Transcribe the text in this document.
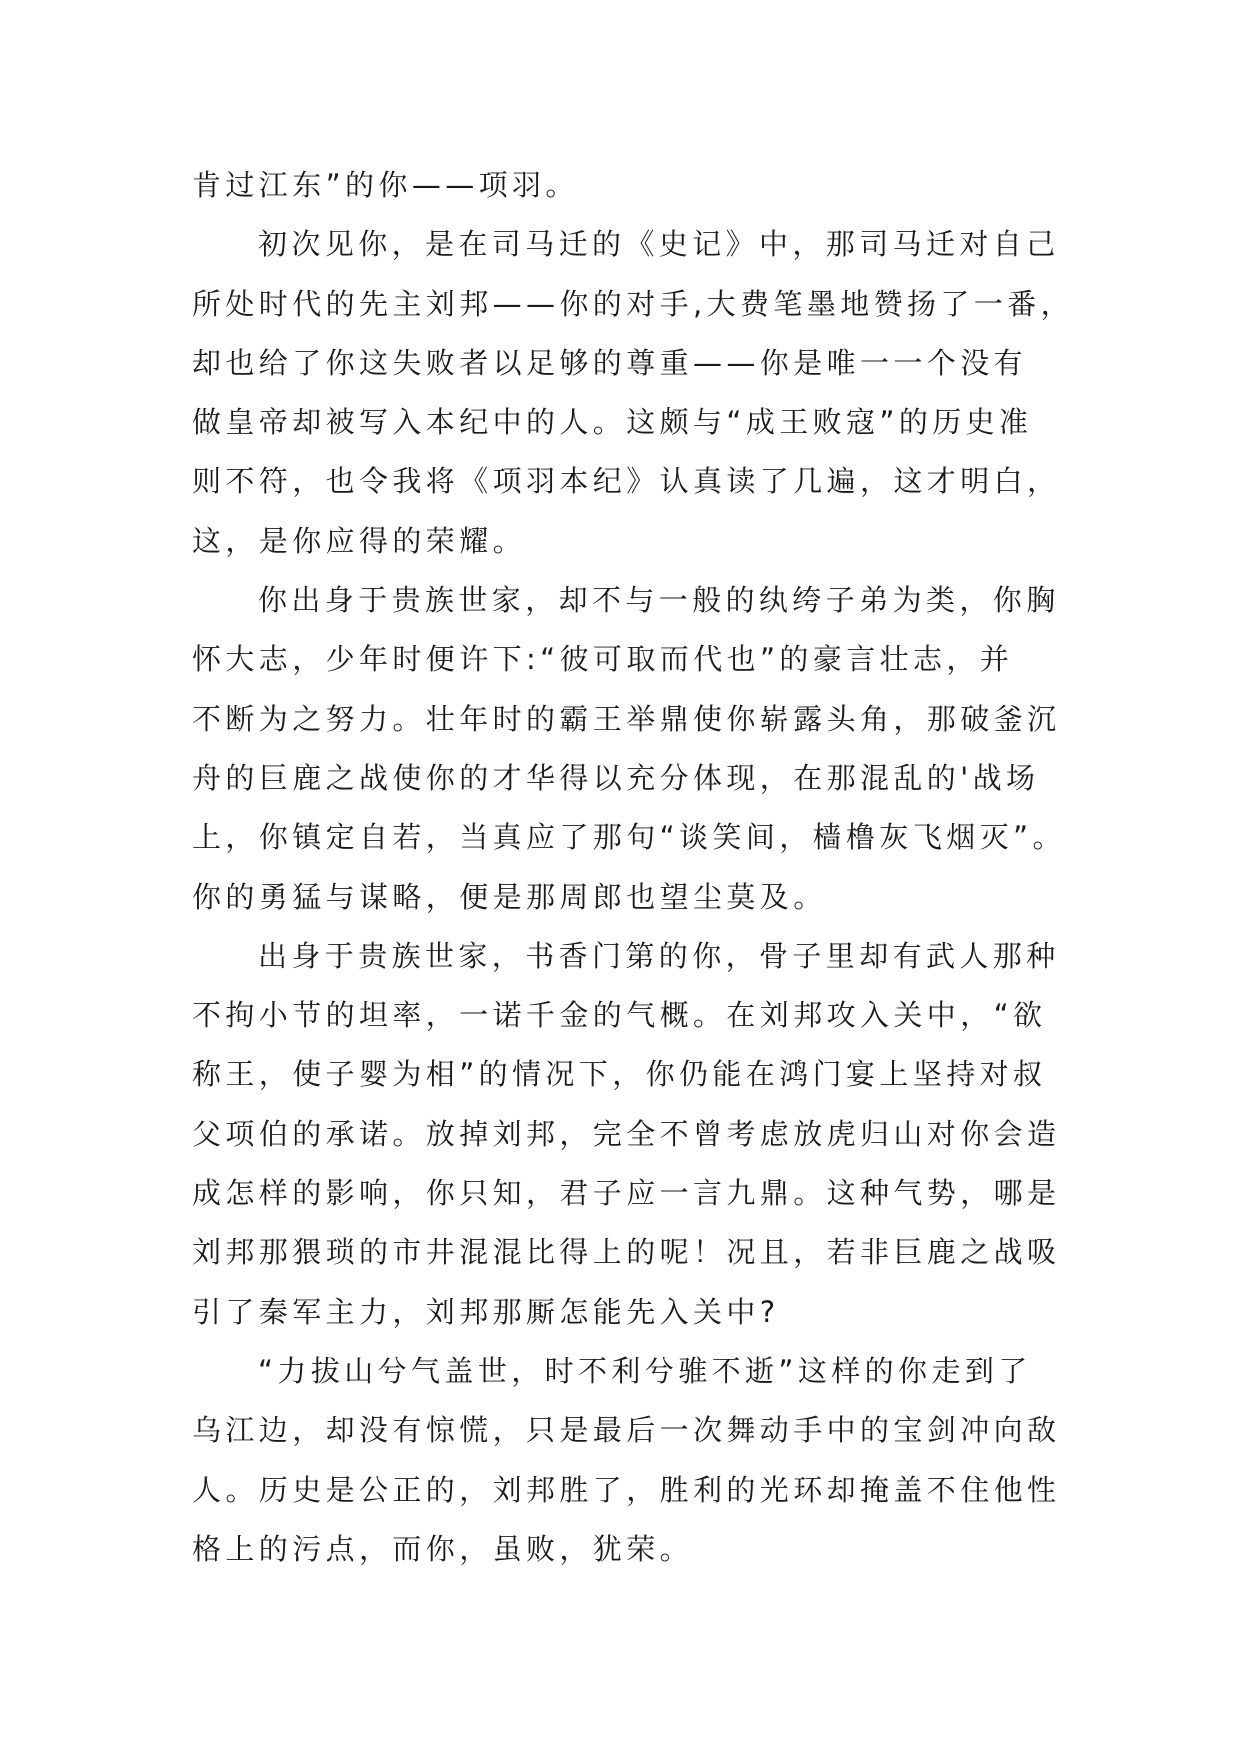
肯过江东”的你——项羽。
初次见你，是在司马迁的《史记》中，那司马迁对自己
所处时代的先主刘邦——你的对手,大费笔墨地赞扬了一番，
却也给了你这失败者以足够的尊重——你是唯一一个没有
做皇帝却被写入本纪中的人。这颇与“成王败寇”的历史准
则不符，也令我将《项羽本纪》认真读了几遍，这才明白，
这，是你应得的荣耀。
你出身于贵族世家，却不与一般的纨绔子弟为类，你胸
怀大志，少年时便许下:“彼可取而代也”的豪言壮志，并
不断为之努力。壮年时的霸王举鼎使你崭露头角，那破釜沉
舟的巨鹿之战使你的才华得以充分体现，在那混乱的'战场
上，你镇定自若，当真应了那句“谈笑间，樯橹灰飞烟灭”。
你的勇猛与谋略，便是那周郎也望尘莫及。
出身于贵族世家，书香门第的你，骨子里却有武人那种
不拘小节的坦率，一诺千金的气概。在刘邦攻入关中，“欲
称王，使子婴为相”的情况下，你仍能在鸿门宴上坚持对叔
父项伯的承诺。放掉刘邦，完全不曾考虑放虎归山对你会造
成怎样的影响，你只知，君子应一言九鼎。这种气势，哪是
刘邦那猥琐的市井混混比得上的呢！况且，若非巨鹿之战吸
引了秦军主力，刘邦那厮怎能先入关中?
“力拔山兮气盖世，时不利兮骓不逝”这样的你走到了
乌江边，却没有惊慌，只是最后一次舞动手中的宝剑冲向敌
人。历史是公正的，刘邦胜了，胜利的光环却掩盖不住他性
格上的污点，而你，虽败，犹荣。
